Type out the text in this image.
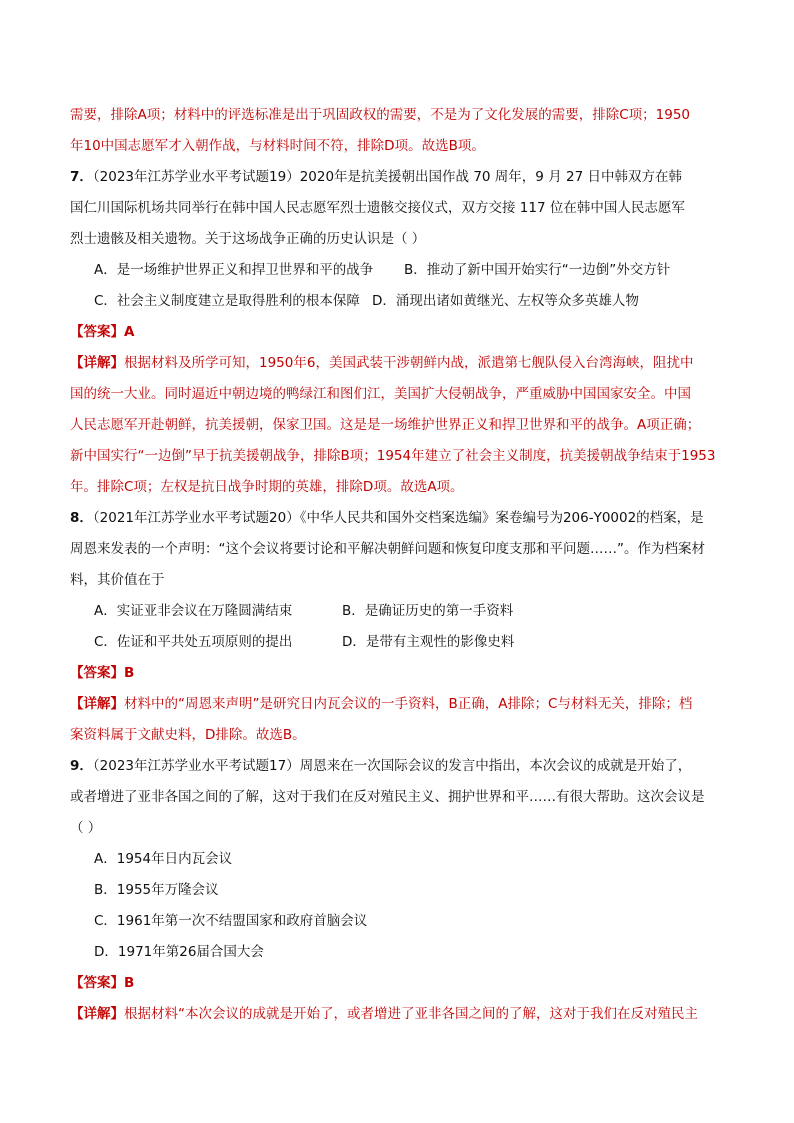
需要，排除A项；材料中的评选标准是出于巩固政权的需要，不是为了文化发展的需要，排除C项；1950

年10中国志愿军才入朝作战，与材料时间不符，排除D项。故选B项。

7．（2023年江苏学业水平考试题19）2020年是抗美援朝出国作战 70 周年，9 月 27 日中韩双方在韩

国仁川国际机场共同举行在韩中国人民志愿军烈士遗骸交接仪式，双方交接 117 位在韩中国人民志愿军

烈士遗骸及相关遗物。关于这场战争正确的历史认识是（ ）

A．是一场维护世界正义和捍卫世界和平的战争	B．推动了新中国开始实行“一边倒”外交方针

C．社会主义制度建立是取得胜利的根本保障 D．涌现出诸如黄继光、左权等众多英雄人物

【答案】A

【详解】根据材料及所学可知，1950年6，美国武装干涉朝鲜内战，派遣第七舰队侵入台湾海峡，阻扰中

国的统一大业。同时逼近中朝边境的鸭绿江和图们江，美国扩大侵朝战争，严重威胁中国国家安全。中国

人民志愿军开赴朝鲜，抗美援朝，保家卫国。这是是一场维护世界正义和捍卫世界和平的战争。A项正确；

新中国实行“一边倒”早于抗美援朝战争，排除B项；1954年建立了社会主义制度，抗美援朝战争结束于1953

年。排除C项；左权是抗日战争时期的英雄，排除D项。故选A项。

8．（2021年江苏学业水平考试题20）《中华人民共和国外交档案选编》案卷编号为206-Y0002的档案，是

周恩来发表的一个声明：“这个会议将要讨论和平解决朝鲜问题和恢复印度支那和平问题……”。作为档案材

料，其价值在于

A．实证亚非会议在万隆圆满结束	B．是确证历史的第一手资料

C．佐证和平共处五项原则的提出	D．是带有主观性的影像史料

【答案】B

【详解】材料中的“周恩来声明”是研究日内瓦会议的一手资料，B正确，A排除；C与材料无关，排除；档

案资料属于文献史料，D排除。故选B。

9．（2023年江苏学业水平考试题17）周恩来在一次国际会议的发言中指出，本次会议的成就是开始了，

或者增进了亚非各国之间的了解，这对于我们在反对殖民主义、拥护世界和平……有很大帮助。这次会议是

（ ）

A．1954年日内瓦会议

B．1955年万隆会议

C．1961年第一次不结盟国家和政府首脑会议

D．1971年第26届合国大会

【答案】B

【详解】根据材料“本次会议的成就是开始了，或者增进了亚非各国之间的了解，这对于我们在反对殖民主
